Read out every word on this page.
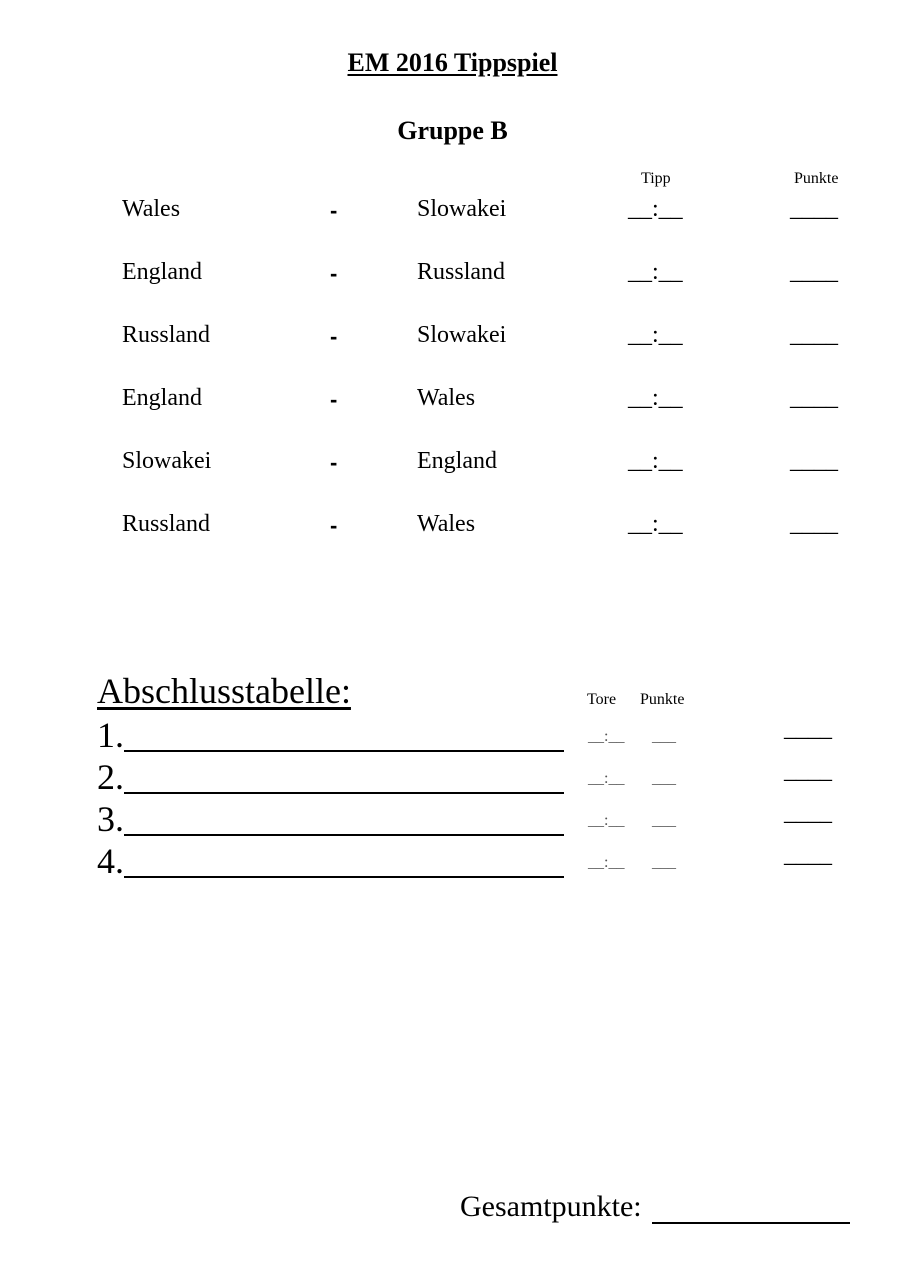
EM 2016 Tippspiel
Gruppe B
Tipp	Punkte
Wales	-	Slowakei	__:__	____
England	-	Russland	__:__	____
Russland	-	Slowakei	__:__	____
England	-	Wales	__:__	____
Slowakei	-	England	__:__	____
Russland	-	Wales	__:__	____
Abschlusstabelle:	Tore Punkte
1.	__:__ ___	____
2.	__:__ ___	____
3.	__:__ ___	____
4.	__:__ ___	____
Gesamtpunkte:
